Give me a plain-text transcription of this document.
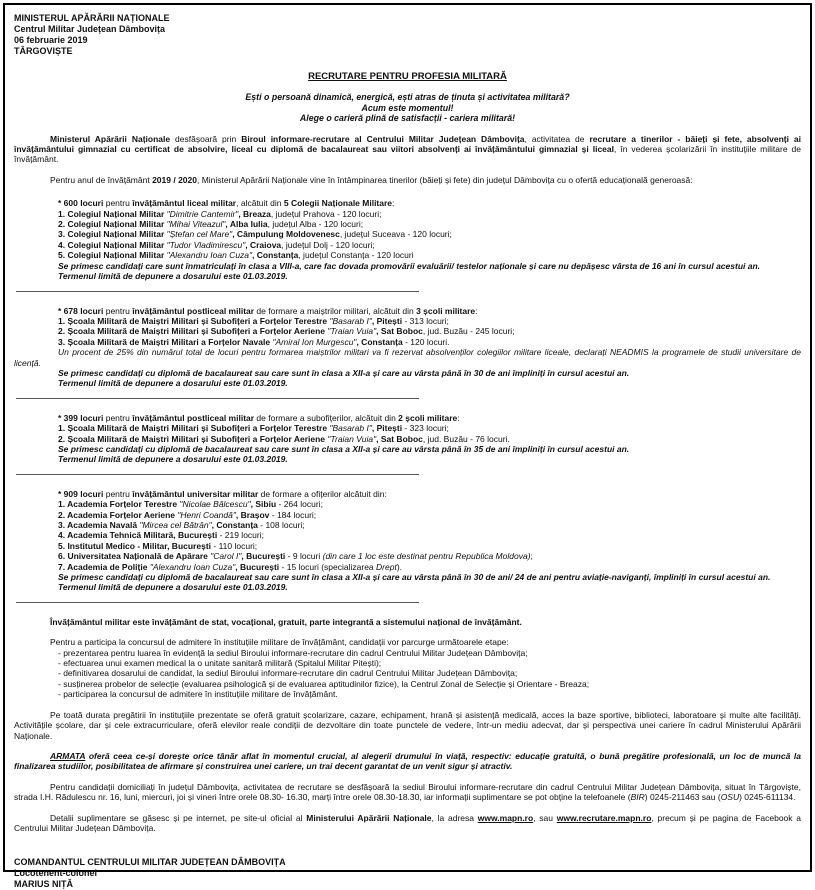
MINISTERUL APĂRĂRII NAȚIONALE
Centrul Militar Județean Dâmbovița
06 februarie 2019
TÂRGOVIȘTE
RECRUTARE PENTRU PROFESIA MILITARĂ
Ești o persoană dinamică, energică, ești atras de ținuta și activitatea militară?
Acum este momentul!
Alege o carieră plină de satisfacții - cariera militară!
Ministerul Apărării Naționale desfășoară prin Biroul informare-recrutare al Centrului Militar Județean Dâmbovița, activitatea de recrutare a tinerilor - băieți și fete, absolvenți ai învățământului gimnazial cu certificat de absolvire, liceal cu diplomă de bacalaureat sau viitori absolvenți ai învățământului gimnazial și liceal, în vederea școlarizării în instituțiile militare de învățământ.
Pentru anul de învățământ 2019 / 2020, Ministerul Apărării Naționale vine în întâmpinarea tinerilor (băieți și fete) din județul Dâmbovița cu o ofertă educațională generoasă:
* 600 locuri pentru învățământul liceal militar, alcătuit din 5 Colegii Naționale Militare:
1. Colegiul Național Militar "Dimitrie Cantemir", Breaza, județul Prahova - 120 locuri;
2. Colegiul Național Militar "Mihai Viteazul", Alba Iulia, județul Alba - 120 locuri;
3. Colegiul Național Militar "Ștefan cel Mare", Câmpulung Moldovenesc, județul Suceava - 120 locuri;
4. Colegiul Național Militar "Tudor Vladimirescu", Craiova, județul Dolj - 120 locuri;
5. Colegiul Național Militar "Alexandru Ioan Cuza", Constanța, județul Constanța - 120 locuri
Se primesc candidați care sunt înmatriculați în clasa a VIII-a, care fac dovada promovării evaluării/ testelor naționale și care nu depășesc vârsta de 16 ani în cursul acestui an.
Termenul limită de depunere a dosarului este 01.03.2019.
* 678 locuri pentru învățământul postliceal militar de formare a maiștrilor militari, alcătuit din 3 școli militare:
1. Școala Militară de Maiștri Militari și Subofițeri a Forțelor Terestre "Basarab I", Pitești - 313 locuri;
2. Școala Militară de Maiștri Militari și Subofițeri a Forțelor Aeriene "Traian Vuia", Sat Boboc, jud. Buzău - 245 locuri;
3. Școala Militară de Maiștri Militari a Forțelor Navale "Amiral Ion Murgescu", Constanța - 120 locuri.
Un procent de 25% din numărul total de locuri pentru formarea maiștrilor militari va fi rezervat absolvenților colegiilor militare liceale, declarați NEADMIS la programele de studii universitare de licență.
Se primesc candidați cu diplomă de bacalaureat sau care sunt în clasa a XII-a și care au vârsta până în 30 de ani împliniți în cursul acestui an.
Termenul limită de depunere a dosarului este 01.03.2019.
* 399 locuri pentru învățământul postliceal militar de formare a subofițerilor, alcătuit din 2 școli militare:
1. Școala Militară de Maiștri Militari și Subofițeri a Forțelor Terestre "Basarab I", Pitești - 323 locuri;
2. Școala Militară de Maiștri Militari și Subofițeri a Forțelor Aeriene "Traian Vuia", Sat Boboc, jud. Buzău - 76 locuri.
Se primesc candidați cu diplomă de bacalaureat sau care sunt în clasa a XII-a și care au vârsta până în 35 de ani împliniți în cursul acestui an.
Termenul limită de depunere a dosarului este 01.03.2019.
* 909 locuri pentru învățământul universitar militar de formare a ofițerilor alcătuit din:
1. Academia Forțelor Terestre "Nicolae Bălcescu", Sibiu - 264 locuri;
2. Academia Forțelor Aeriene "Henri Coandă", Brașov - 184 locuri;
3. Academia Navală "Mircea cel Bătrân", Constanța - 108 locuri;
4. Academia Tehnică Militară, București - 219 locuri;
5. Institutul Medico - Militar, București - 110 locuri;
6. Universitatea Națională de Apărare "Carol I", București - 9 locuri (din care 1 loc este destinat pentru Republica Moldova);
7. Academia de Poliție "Alexandru Ioan Cuza", București - 15 locuri (specializarea Drept).
Se primesc candidați cu diplomă de bacalaureat sau care sunt în clasa a XII-a și care au vârsta până în 30 de ani/ 24 de ani pentru aviație-naviganți, împliniți în cursul acestui an.
Termenul limită de depunere a dosarului este 01.03.2019.
Învățământul militar este învățământ de stat, vocațional, gratuit, parte integrantă a sistemului național de învățământ.
Pentru a participa la concursul de admitere în instituțiile militare de învățământ, candidații vor parcurge următoarele etape:
- prezentarea pentru luarea în evidență la sediul Biroului informare-recrutare din cadrul Centrului Militar Județean Dâmbovița;
- efectuarea unui examen medical la o unitate sanitară militară (Spitalul Militar Pitești);
- definitivarea dosarului de candidat, la sediul Biroului informare-recrutare din cadrul Centrului Militar Județean Dâmbovița;
- susținerea probelor de selecție (evaluarea psihologică și de evaluarea aptitudinilor fizice), la Centrul Zonal de Selecție și Orientare - Breaza;
- participarea la concursul de admitere în instituțiile militare de învățământ.
Pe toată durata pregătirii în instituțiile prezentate se oferă gratuit școlarizare, cazare, echipament, hrană și asistență medicală, acces la baze sportive, biblioteci, laboratoare și multe alte facilități. Activitățile școlare, dar și cele extracurriculare, oferă elevilor reale condiții de dezvoltare din toate punctele de vedere, într-un mediu adecvat, dar și perspectiva unei cariere în cadrul Ministerului Apărării Naționale.
ARMATA oferă ceea ce-și dorește orice tânăr aflat în momentul crucial, al alegerii drumului în viață, respectiv: educație gratuită, o bună pregătire profesională, un loc de muncă la finalizarea studiilor, posibilitatea de afirmare și construirea unei cariere, un trai decent garantat de un venit sigur și atractiv.
Pentru candidații domiciliați în județul Dâmbovița, activitatea de recrutare se desfășoară la sediul Biroului informare-recrutare din cadrul Centrului Militar Județean Dâmbovița, situat în Târgoviște, strada I.H. Rădulescu nr. 16, luni, miercuri, joi și vineri între orele 08.30- 16.30, marți între orele 08.30-18.30, iar informații suplimentare se pot obține la telefoanele (BIR) 0245-211463 sau (OSU) 0245-611134.
Detalii suplimentare se găsesc și pe internet, pe site-ul oficial al Ministerului Apărării Naționale, la adresa www.mapn.ro, sau www.recrutare.mapn.ro, precum și pe pagina de Facebook a Centrului Militar Județean Dâmbovița.
COMANDANTUL CENTRULUI MILITAR JUDEȚEAN DÂMBOVIȚA
Locotenent-colonel
MARIUS NIȚĂ
